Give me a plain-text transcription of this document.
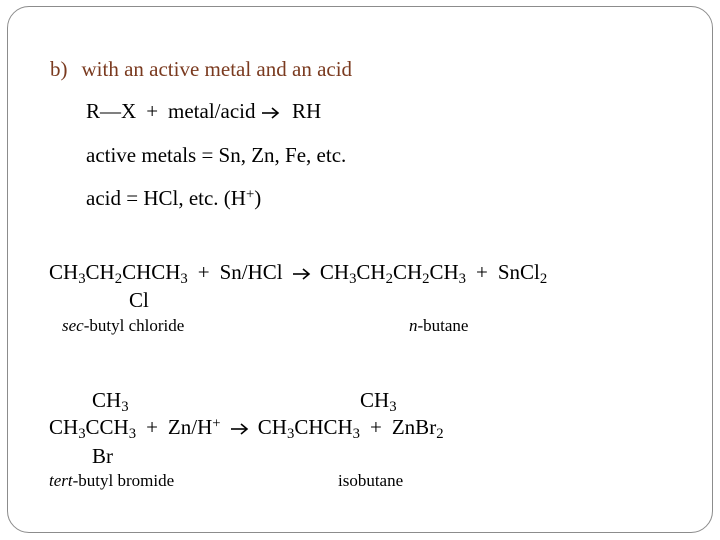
b) with an active metal and an acid
R—X + metal/acid RH
active metals = Sn, Zn, Fe, etc.
acid = HCl, etc. (H+)
$CH_3CH_2CHCH_3 + Sn/HCl$ $CH_3CH_2CH_2CH_3$ + SnCl$_2$
Cl
sec-butyl chloride	n-butane
$CH_3$	$CH_3$
$CH_3CCH_3 + Zn/H^+$ $CH_3CHCH_3$ + ZnBr$_2$
Br
tert-butyl bromide	isobutane
